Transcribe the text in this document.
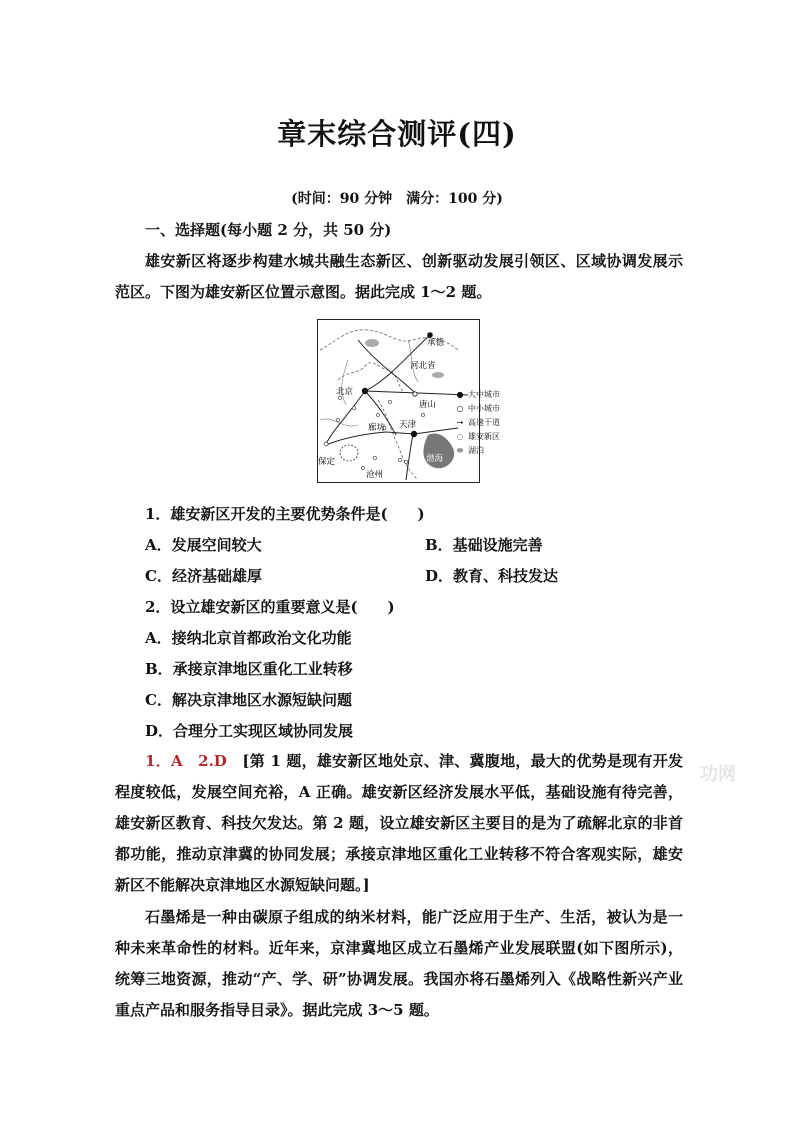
章末综合测评(四)
(时间：90 分钟　满分：100 分)
一、选择题(每小题 2 分，共 50 分)
雄安新区将逐步构建水城共融生态新区、创新驱动发展引领区、区域协调发展示范区。下图为雄安新区位置示意图。据此完成 1～2 题。
承德
河北省
北京
唐山
廊坊 天津
保定
沧州
渤海
● 大中城市
○ 中小城市
→ 高速干道
◌ 雄安新区
⬬ 湖泊
1．雄安新区开发的主要优势条件是(　　)
A．发展空间较大	B．基础设施完善
C．经济基础雄厚	D．教育、科技发达
2．设立雄安新区的重要意义是(　　)
A．接纳北京首都政治文化功能
B．承接京津地区重化工业转移
C．解决京津地区水源短缺问题
D．合理分工实现区域协同发展
1．A　2.D　[第 1 题，雄安新区地处京、津、冀腹地，最大的优势是现有开发程度较低，发展空间充裕，A 正确。雄安新区经济发展水平低，基础设施有待完善，雄安新区教育、科技欠发达。第 2 题，设立雄安新区主要目的是为了疏解北京的非首都功能，推动京津冀的协同发展；承接京津地区重化工业转移不符合客观实际，雄安新区不能解决京津地区水源短缺问题。]
功网
石墨烯是一种由碳原子组成的纳米材料，能广泛应用于生产、生活，被认为是一种未来革命性的材料。近年来，京津冀地区成立石墨烯产业发展联盟(如下图所示)，统筹三地资源，推动“产、学、研”协调发展。我国亦将石墨烯列入《战略性新兴产业重点产品和服务指导目录》。据此完成 3～5 题。
